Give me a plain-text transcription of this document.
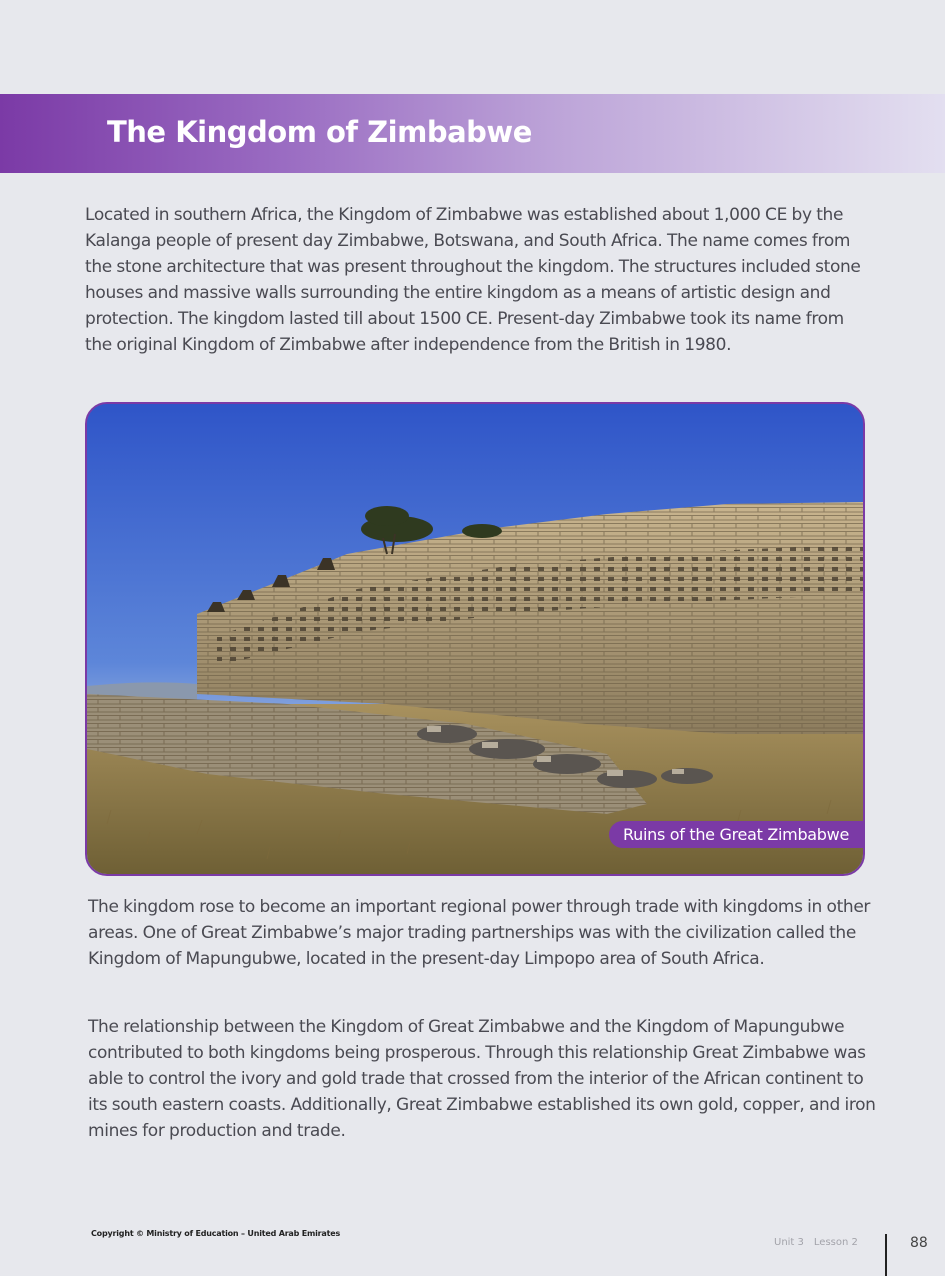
The Kingdom of Zimbabwe

Located in southern Africa, the Kingdom of Zimbabwe was established about 1,000 CE by the Kalanga people of present day Zimbabwe, Botswana, and South Africa. The name comes from the stone architecture that was present throughout the kingdom. The structures included stone houses and massive walls surrounding the entire kingdom as a means of artistic design and protection. The kingdom lasted till about 1500 CE. Present-day Zimbabwe took its name from the original Kingdom of Zimbabwe after independence from the British in 1980.

Ruins of the Great Zimbabwe

The kingdom rose to become an important regional power through trade with kingdoms in other areas. One of Great Zimbabwe’s major trading partnerships was with the civilization called the Kingdom of Mapungubwe, located in the present-day Limpopo area of South Africa.

The relationship between the Kingdom of Great Zimbabwe and the Kingdom of Mapungubwe contributed to both kingdoms being prosperous. Through this relationship Great Zimbabwe was able to control the ivory and gold trade that crossed from the interior of the African continent to its south eastern coasts. Additionally, Great Zimbabwe established its own gold, copper, and iron mines for production and trade.

Copyright © Ministry of Education – United Arab Emirates

Unit 3 Lesson 2	88
